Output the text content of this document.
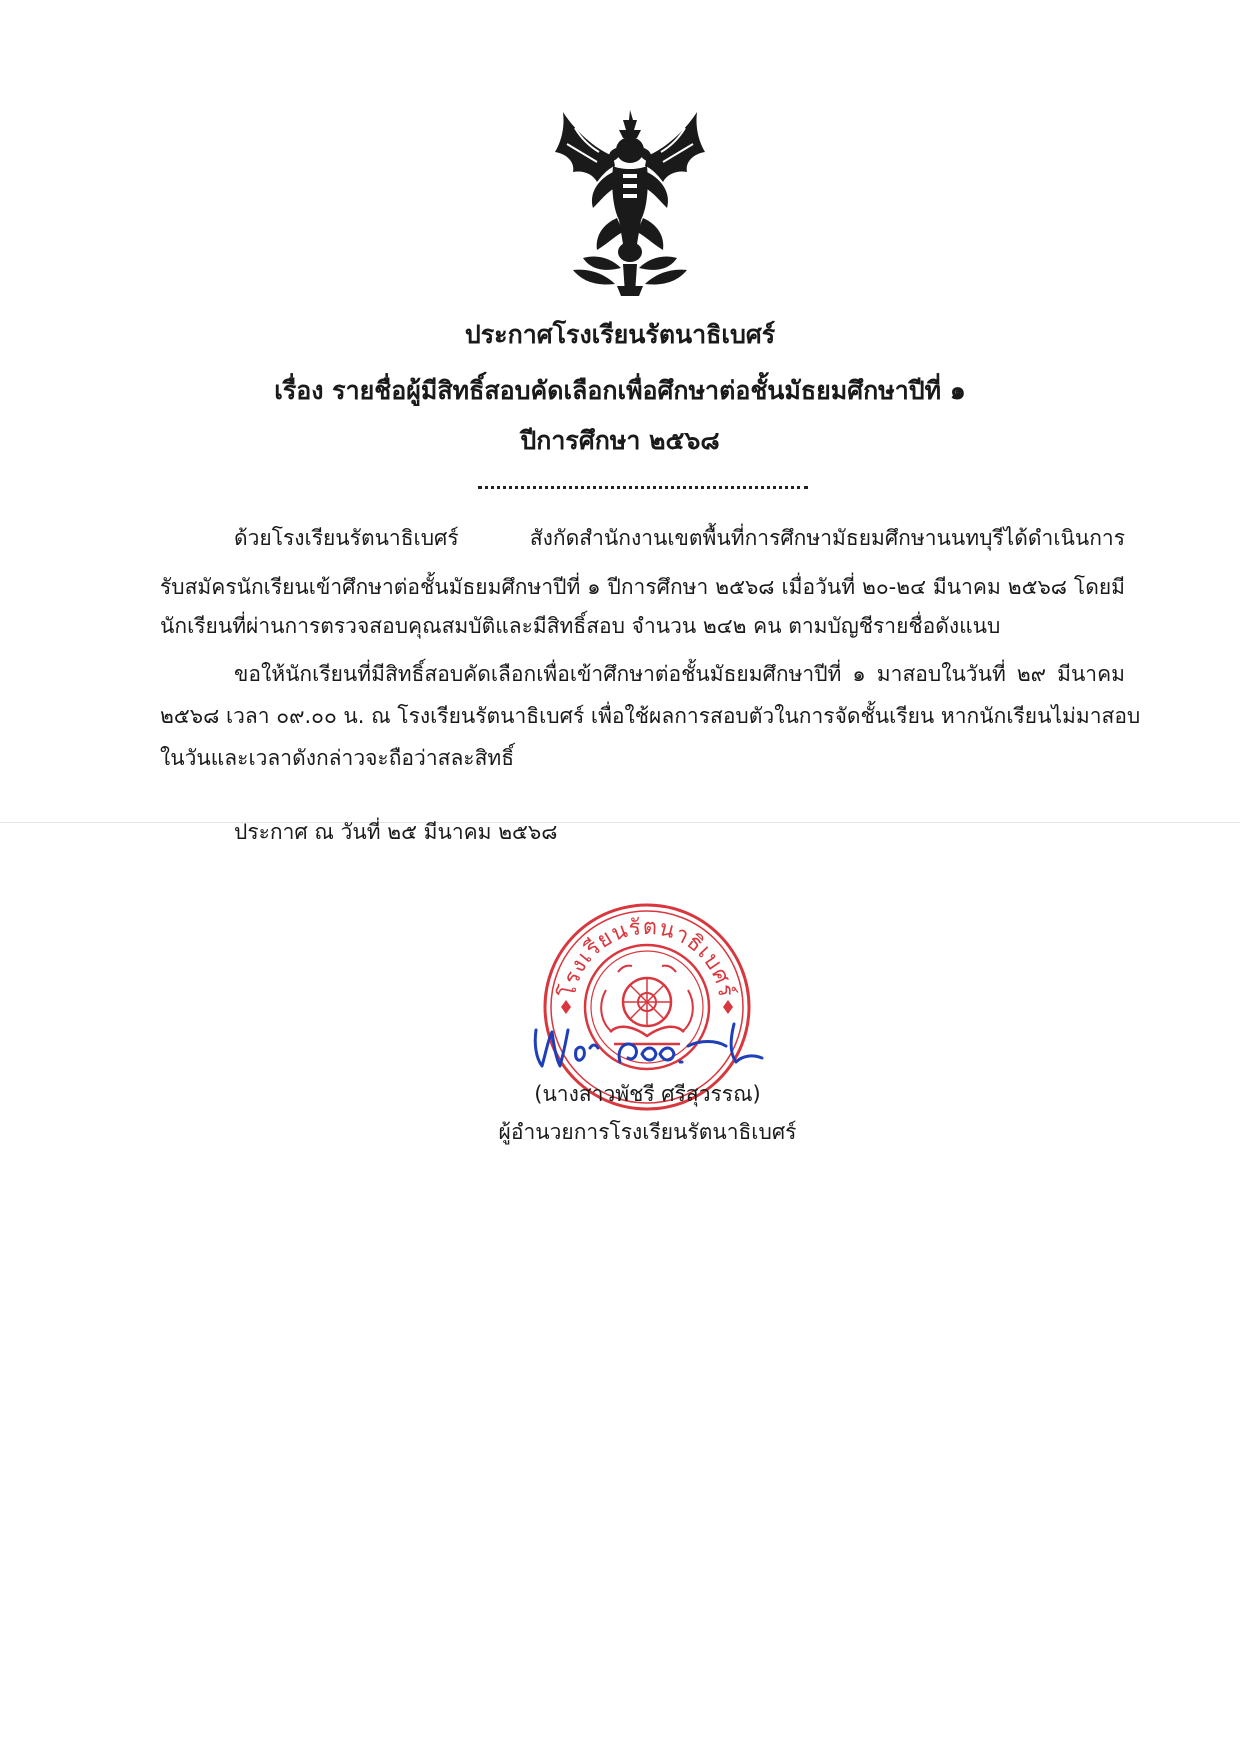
ประกาศโรงเรียนรัตนาธิเบศร์
เรื่อง รายชื่อผู้มีสิทธิ์สอบคัดเลือกเพื่อศึกษาต่อชั้นมัธยมศึกษาปีที่ ๑
ปีการศึกษา ๒๕๖๘
ด้วยโรงเรียนรัตนาธิเบศร์ สังกัดสำนักงานเขตพื้นที่การศึกษามัธยมศึกษานนทบุรีได้ดำเนินการ
รับสมัครนักเรียนเข้าศึกษาต่อชั้นมัธยมศึกษาปีที่ ๑ ปีการศึกษา ๒๕๖๘ เมื่อวันที่ ๒๐-๒๔ มีนาคม ๒๕๖๘ โดยมี
นักเรียนที่ผ่านการตรวจสอบคุณสมบัติและมีสิทธิ์สอบ จำนวน ๒๔๒ คน ตามบัญชีรายชื่อดังแนบ
ขอให้นักเรียนที่มีสิทธิ์สอบคัดเลือกเพื่อเข้าศึกษาต่อชั้นมัธยมศึกษาปีที่ ๑ มาสอบในวันที่ ๒๙ มีนาคม
๒๕๖๘ เวลา ๐๙.๐๐ น. ณ โรงเรียนรัตนาธิเบศร์ เพื่อใช้ผลการสอบตัวในการจัดชั้นเรียน หากนักเรียนไม่มาสอบ
ในวันและเวลาดังกล่าวจะถือว่าสละสิทธิ์
ประกาศ ณ วันที่ ๒๕ มีนาคม ๒๕๖๘
โรงเรียนรัตนาธิเบศร์
(นางสาวพัชรี ศรีสุวรรณ)
ผู้อำนวยการโรงเรียนรัตนาธิเบศร์
